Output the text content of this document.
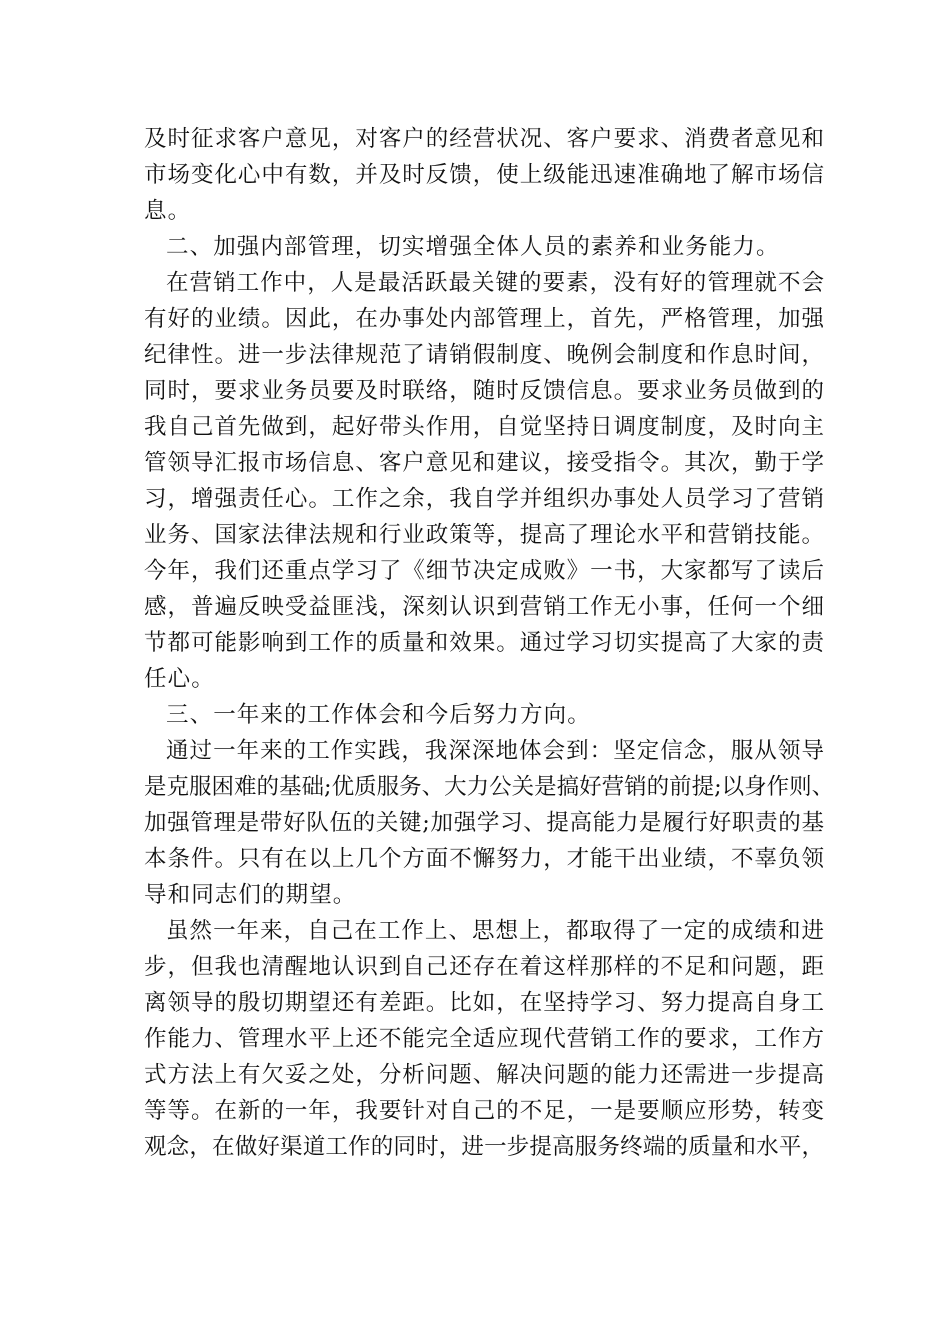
及时征求客户意见，对客户的经营状况、客户要求、消费者意见和
市场变化心中有数，并及时反馈，使上级能迅速准确地了解市场信
息。
二、加强内部管理，切实增强全体人员的素养和业务能力。
在营销工作中，人是最活跃最关键的要素，没有好的管理就不会
有好的业绩。因此，在办事处内部管理上，首先，严格管理，加强
纪律性。进一步法律规范了请销假制度、晚例会制度和作息时间，
同时，要求业务员要及时联络，随时反馈信息。要求业务员做到的
我自己首先做到，起好带头作用，自觉坚持日调度制度，及时向主
管领导汇报市场信息、客户意见和建议，接受指令。其次，勤于学
习，增强责任心。工作之余，我自学并组织办事处人员学习了营销
业务、国家法律法规和行业政策等，提高了理论水平和营销技能。
今年，我们还重点学习了《细节决定成败》一书，大家都写了读后
感，普遍反映受益匪浅，深刻认识到营销工作无小事，任何一个细
节都可能影响到工作的质量和效果。通过学习切实提高了大家的责
任心。
三、一年来的工作体会和今后努力方向。
通过一年来的工作实践，我深深地体会到：坚定信念，服从领导
是克服困难的基础;优质服务、大力公关是搞好营销的前提;以身作则、
加强管理是带好队伍的关键;加强学习、提高能力是履行好职责的基
本条件。只有在以上几个方面不懈努力，才能干出业绩，不辜负领
导和同志们的期望。
虽然一年来，自己在工作上、思想上，都取得了一定的成绩和进
步，但我也清醒地认识到自己还存在着这样那样的不足和问题，距
离领导的殷切期望还有差距。比如，在坚持学习、努力提高自身工
作能力、管理水平上还不能完全适应现代营销工作的要求，工作方
式方法上有欠妥之处，分析问题、解决问题的能力还需进一步提高
等等。在新的一年，我要针对自己的不足，一是要顺应形势，转变
观念，在做好渠道工作的同时，进一步提高服务终端的质量和水平，
